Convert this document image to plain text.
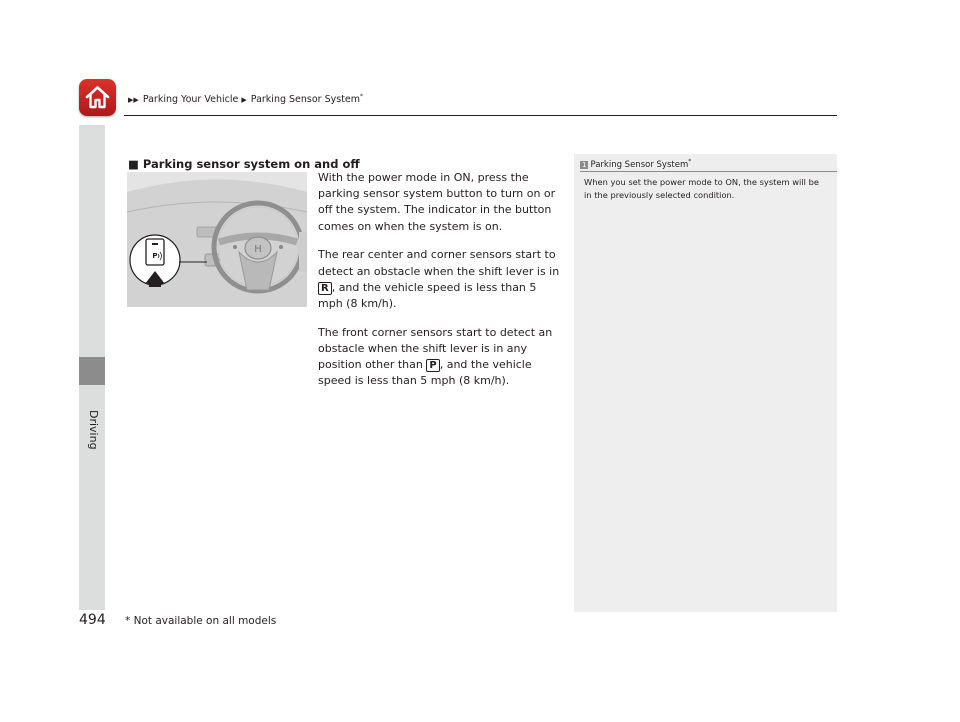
▶▶ Parking Your Vehicle ▶ Parking Sensor System*
Driving
■ Parking sensor system on and off
H
P

With the power mode in ON, press the parking sensor system button to turn on or off the system. The indicator in the button comes on when the system is on.

The rear center and corner sensors start to detect an obstacle when the shift lever is in R , and the vehicle speed is less than 5 mph (8 km/h).

The front corner sensors start to detect an obstacle when the shift lever is in any position other than P , and the vehicle speed is less than 5 mph (8 km/h).

1 Parking Sensor System*
When you set the power mode to ON, the system will be in the previously selected condition.
494 * Not available on all models
